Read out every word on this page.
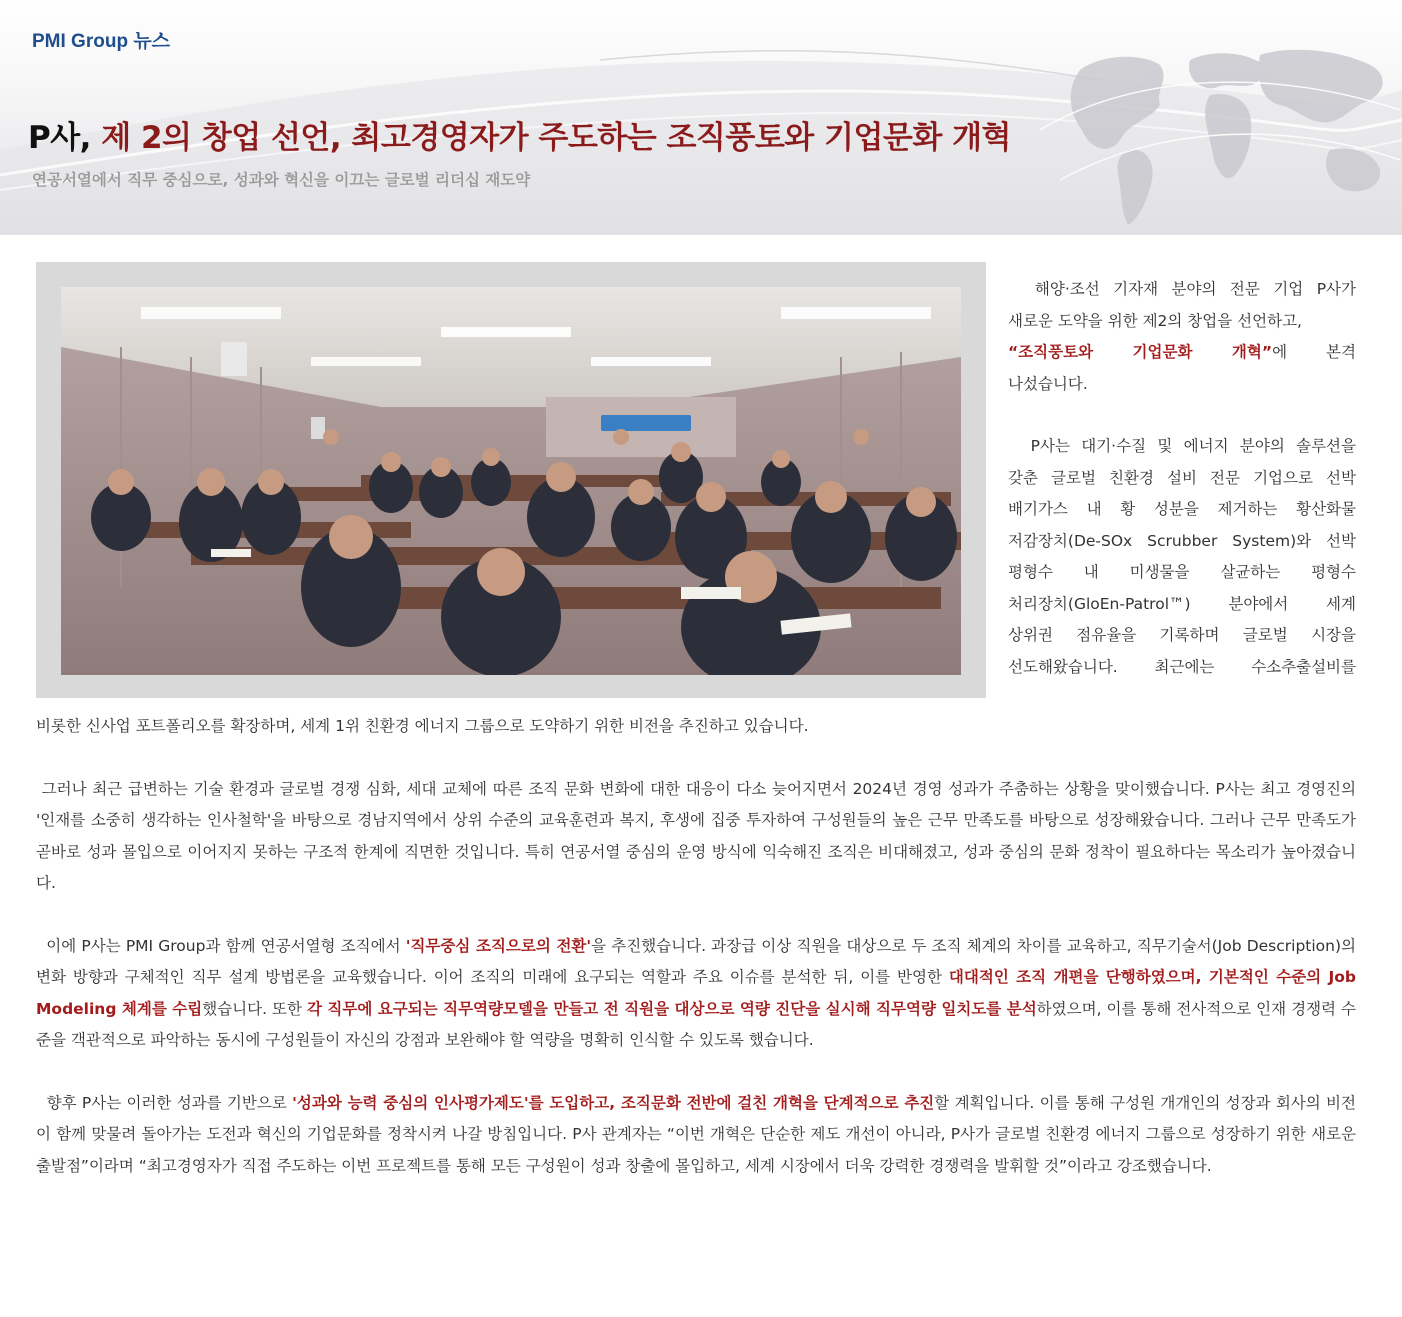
PMI Group 뉴스
P사, 제 2의 창업 선언, 최고경영자가 주도하는 조직풍토와 기업문화 개혁
연공서열에서 직무 중심으로, 성과와 혁신을 이끄는 글로벌 리더십 재도약

해양·조선 기자재 분야의 전문 기업 P사가

새로운 도약을 위한 제2의 창업을 선언하고,

“조직풍토와 기업문화 개혁”에 본격

나섰습니다.

P사는 대기·수질 및 에너지 분야의 솔루션을

갖춘 글로벌 친환경 설비 전문 기업으로 선박

배기가스 내 황 성분을 제거하는 황산화물

저감장치(De-SOx Scrubber System)와 선박

평형수 내 미생물을 살균하는 평형수

처리장치(GloEn-Patrol™) 분야에서 세계

상위권 점유율을 기록하며 글로벌 시장을

선도해왔습니다. 최근에는 수소추출설비를

비롯한 신사업 포트폴리오를 확장하며, 세계 1위 친환경 에너지 그룹으로 도약하기 위한 비전을 추진하고 있습니다.

그러나 최근 급변하는 기술 환경과 글로벌 경쟁 심화, 세대 교체에 따른 조직 문화 변화에 대한 대응이 다소 늦어지면서 2024년 경영 성과가 주춤하는 상황을 맞이했습니다. P사는 최고 경영진의 '인재를 소중히 생각하는 인사철학'을 바탕으로 경남지역에서 상위 수준의 교육훈련과 복지, 후생에 집중 투자하여 구성원들의 높은 근무 만족도를 바탕으로 성장해왔습니다. 그러나 근무 만족도가 곧바로 성과 몰입으로 이어지지 못하는 구조적 한계에 직면한 것입니다. 특히 연공서열 중심의 운영 방식에 익숙해진 조직은 비대해졌고, 성과 중심의 문화 정착이 필요하다는 목소리가 높아졌습니다.

이에 P사는 PMI Group과 함께 연공서열형 조직에서 '직무중심 조직으로의 전환'을 추진했습니다. 과장급 이상 직원을 대상으로 두 조직 체계의 차이를 교육하고, 직무기술서(Job Description)의 변화 방향과 구체적인 직무 설계 방법론을 교육했습니다. 이어 조직의 미래에 요구되는 역할과 주요 이슈를 분석한 뒤, 이를 반영한 대대적인 조직 개편을 단행하였으며, 기본적인 수준의 Job Modeling 체계를 수립했습니다. 또한 각 직무에 요구되는 직무역량모델을 만들고 전 직원을 대상으로 역량 진단을 실시해 직무역량 일치도를 분석하였으며, 이를 통해 전사적으로 인재 경쟁력 수준을 객관적으로 파악하는 동시에 구성원들이 자신의 강점과 보완해야 할 역량을 명확히 인식할 수 있도록 했습니다.

향후 P사는 이러한 성과를 기반으로 '성과와 능력 중심의 인사평가제도'를 도입하고, 조직문화 전반에 걸친 개혁을 단계적으로 추진할 계획입니다. 이를 통해 구성원 개개인의 성장과 회사의 비전이 함께 맞물려 돌아가는 도전과 혁신의 기업문화를 정착시켜 나갈 방침입니다. P사 관계자는 “이번 개혁은 단순한 제도 개선이 아니라, P사가 글로벌 친환경 에너지 그룹으로 성장하기 위한 새로운 출발점”이라며 “최고경영자가 직접 주도하는 이번 프로젝트를 통해 모든 구성원이 성과 창출에 몰입하고, 세계 시장에서 더욱 강력한 경쟁력을 발휘할 것”이라고 강조했습니다.
